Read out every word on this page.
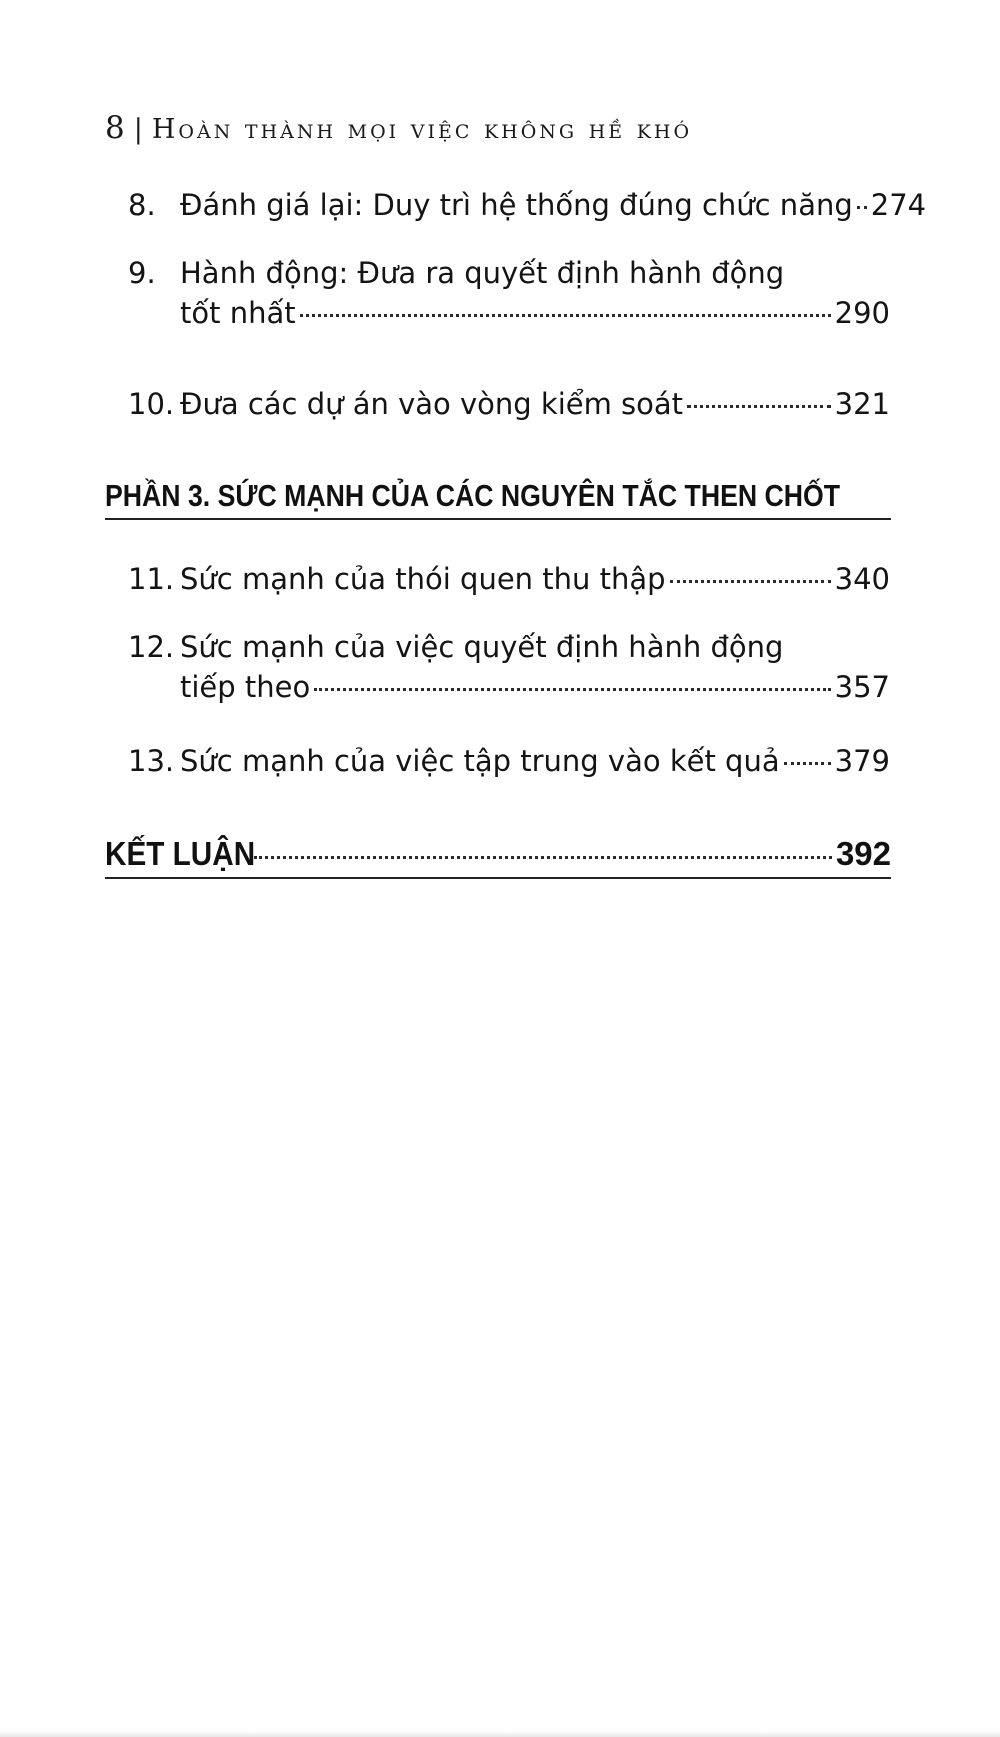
8 | Hoàn thành mọi việc không hề khó
8. Đánh giá lại: Duy trì hệ thống đúng chức năng 274
9. Hành động: Đưa ra quyết định hành động
tốt nhất	290
10. Đưa các dự án vào vòng kiểm soát	321
PHẦN 3. SỨC MẠNH CỦA CÁC NGUYÊN TẮC THEN CHỐT
11. Sức mạnh của thói quen thu thập	340
12. Sức mạnh của việc quyết định hành động
tiếp theo	357
13. Sức mạnh của việc tập trung vào kết quả 379
KẾT LUẬN	392
